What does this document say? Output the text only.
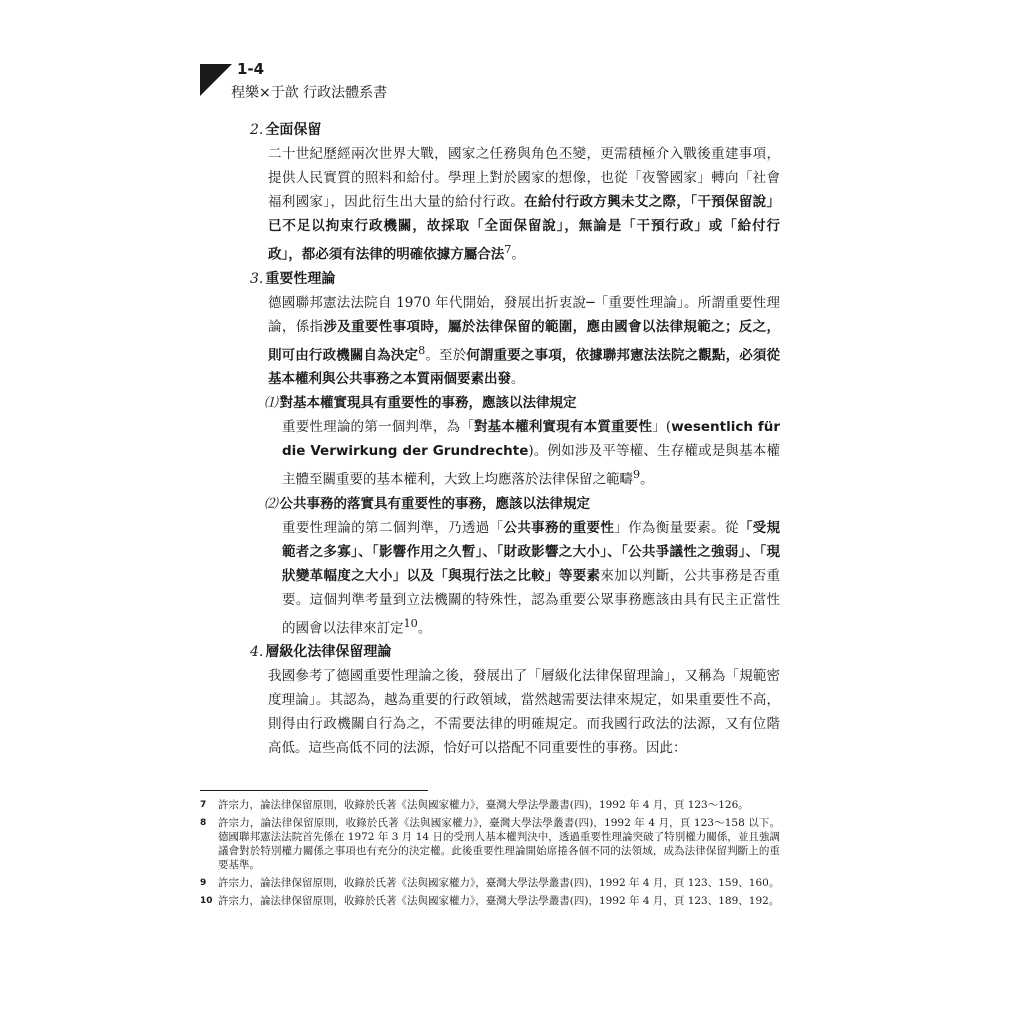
1-4
程樂×于歆 行政法體系書
2. 全面保留

二十世紀歷經兩次世界大戰，國家之任務與角色丕變，更需積極介入戰後重建事項，提供人民實質的照料和給付。學理上對於國家的想像，也從「夜警國家」轉向「社會福利國家」，因此衍生出大量的給付行政。在給付行政方興未艾之際，「干預保留說」已不足以拘束行政機關，故採取「全面保留說」，無論是「干預行政」或「給付行政」，都必須有法律的明確依據方屬合法$^7$。

3. 重要性理論

德國聯邦憲法法院自 1970 年代開始，發展出折衷說─「重要性理論」。所謂重要性理論，係指涉及重要性事項時，屬於法律保留的範圍，應由國會以法律規範之；反之，則可由行政機關自為決定$^8$。至於何謂重要之事項，依據聯邦憲法法院之觀點，必須從基本權利與公共事務之本質兩個要素出發。

⑴ 對基本權實現具有重要性的事務，應該以法律規定

重要性理論的第一個判準，為「對基本權利實現有本質重要性」(wesentlich für die Verwirkung der Grundrechte)。例如涉及平等權、生存權或是與基本權主體至關重要的基本權利，大致上均應落於法律保留之範疇$^9$。

⑵ 公共事務的落實具有重要性的事務，應該以法律規定

重要性理論的第二個判準，乃透過「公共事務的重要性」作為衡量要素。從「受規範者之多寡」、「影響作用之久暫」、「財政影響之大小」、「公共爭議性之強弱」、「現狀變革幅度之大小」以及「與現行法之比較」等要素來加以判斷，公共事務是否重要。這個判準考量到立法機關的特殊性，認為重要公眾事務應該由具有民主正當性的國會以法律來訂定$^{10}$。

4. 層級化法律保留理論

我國參考了德國重要性理論之後，發展出了「層級化法律保留理論」，又稱為「規範密度理論」。其認為，越為重要的行政領域，當然越需要法律來規定，如果重要性不高，則得由行政機關自行為之，不需要法律的明確規定。而我國行政法的法源，又有位階高低。這些高低不同的法源，恰好可以搭配不同重要性的事務。因此：

7	許宗力，論法律保留原則，收錄於氏著《法與國家權力》，臺灣大學法學叢書(四)，1992 年 4 月，頁 123～126。
8	許宗力，論法律保留原則，收錄於氏著《法與國家權力》，臺灣大學法學叢書(四)，1992 年 4 月，頁 123～158 以下。德國聯邦憲法法院首先係在 1972 年 3 月 14 日的受刑人基本權判決中，透過重要性理論突破了特別權力關係，並且強調議會對於特別權力關係之事項也有充分的決定權。此後重要性理論開始席捲各個不同的法領域，成為法律保留判斷上的重要基準。
9	許宗力，論法律保留原則，收錄於氏著《法與國家權力》，臺灣大學法學叢書(四)，1992 年 4 月，頁 123、159、160。
10 許宗力，論法律保留原則，收錄於氏著《法與國家權力》，臺灣大學法學叢書(四)，1992 年 4 月，頁 123、189、192。
